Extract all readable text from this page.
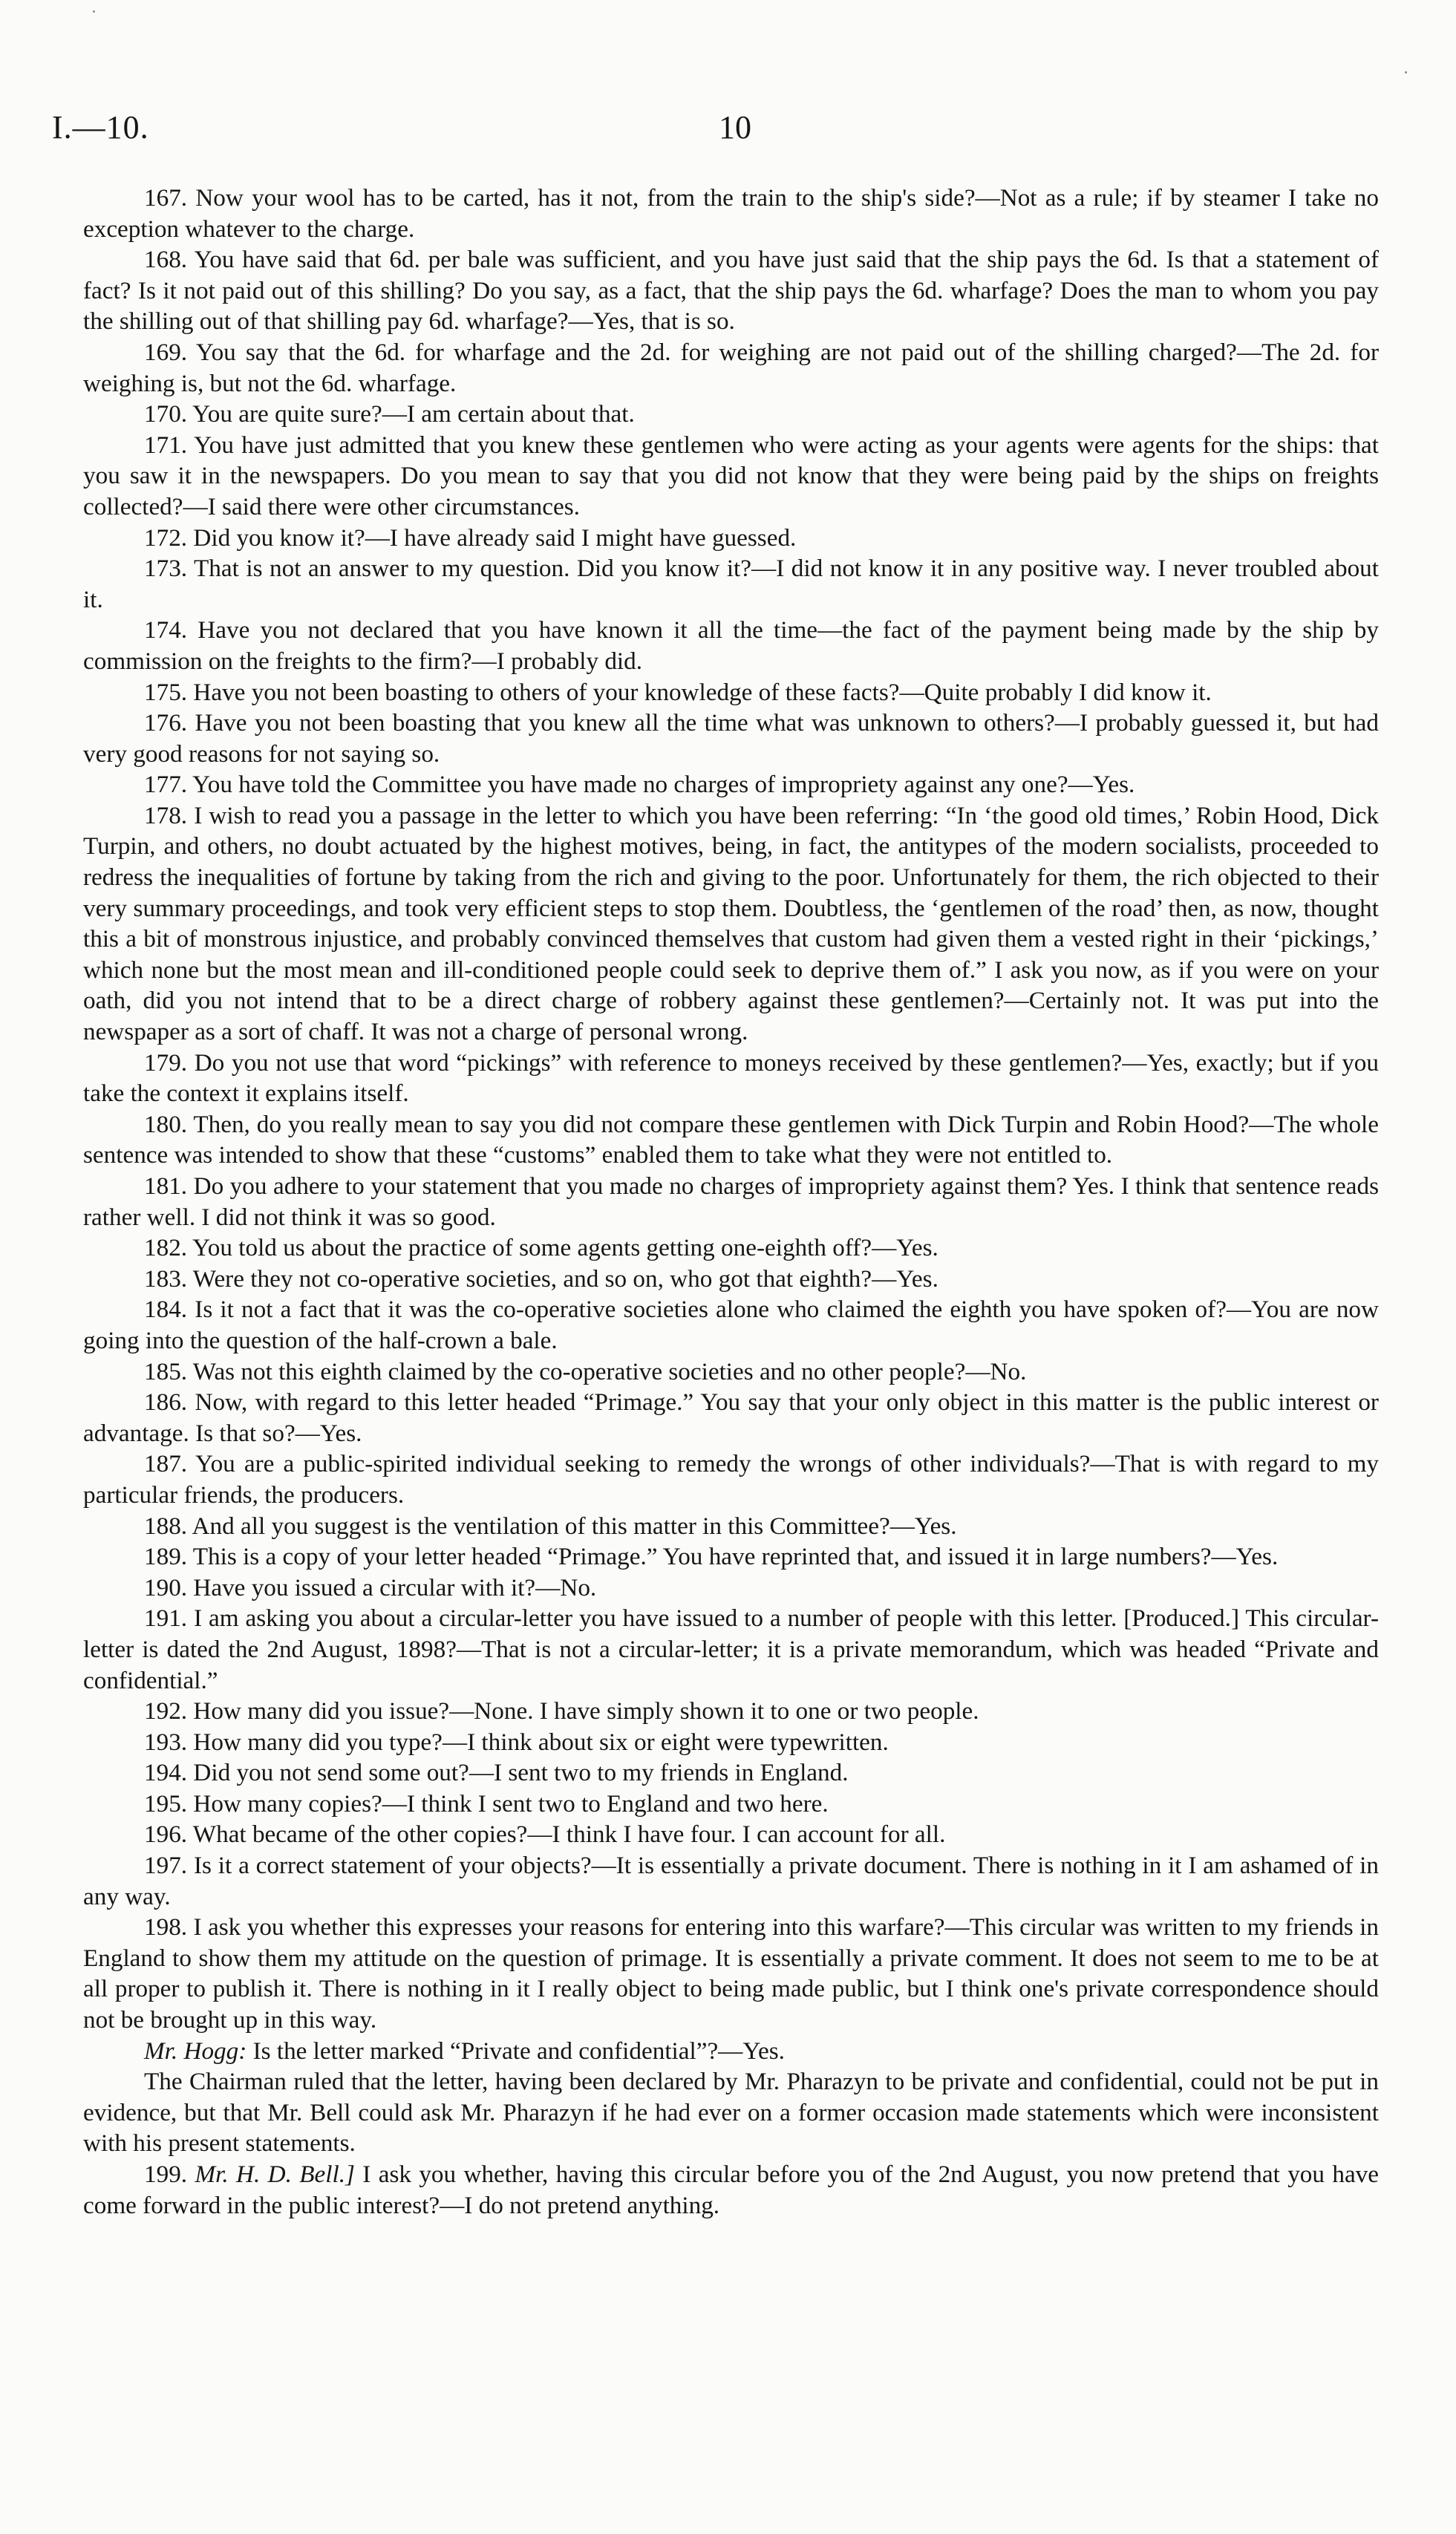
I.—10.	10

167. Now your wool has to be carted, has it not, from the train to the ship's side?—Not as a rule; if by steamer I take no exception whatever to the charge.

168. You have said that 6d. per bale was sufficient, and you have just said that the ship pays the 6d. Is that a statement of fact? Is it not paid out of this shilling? Do you say, as a fact, that the ship pays the 6d. wharfage? Does the man to whom you pay the shilling out of that shilling pay 6d. wharfage?—Yes, that is so.

169. You say that the 6d. for wharfage and the 2d. for weighing are not paid out of the shilling charged?—The 2d. for weighing is, but not the 6d. wharfage.

170. You are quite sure?—I am certain about that.

171. You have just admitted that you knew these gentlemen who were acting as your agents were agents for the ships: that you saw it in the newspapers. Do you mean to say that you did not know that they were being paid by the ships on freights collected?—I said there were other circumstances.

172. Did you know it?—I have already said I might have guessed.

173. That is not an answer to my question. Did you know it?—I did not know it in any positive way. I never troubled about it.

174. Have you not declared that you have known it all the time—the fact of the payment being made by the ship by commission on the freights to the firm?—I probably did.

175. Have you not been boasting to others of your knowledge of these facts?—Quite probably I did know it.

176. Have you not been boasting that you knew all the time what was unknown to others?—I probably guessed it, but had very good reasons for not saying so.

177. You have told the Committee you have made no charges of impropriety against any one?—Yes.

178. I wish to read you a passage in the letter to which you have been referring: “In ‘the good old times,’ Robin Hood, Dick Turpin, and others, no doubt actuated by the highest motives, being, in fact, the antitypes of the modern socialists, proceeded to redress the inequalities of fortune by taking from the rich and giving to the poor. Unfortunately for them, the rich objected to their very summary proceedings, and took very efficient steps to stop them. Doubtless, the ‘gentlemen of the road’ then, as now, thought this a bit of monstrous injustice, and probably convinced themselves that custom had given them a vested right in their ‘pickings,’ which none but the most mean and ill-conditioned people could seek to deprive them of.” I ask you now, as if you were on your oath, did you not intend that to be a direct charge of robbery against these gentlemen?—Certainly not. It was put into the newspaper as a sort of chaff. It was not a charge of personal wrong.

179. Do you not use that word “pickings” with reference to moneys received by these gentlemen?—Yes, exactly; but if you take the context it explains itself.

180. Then, do you really mean to say you did not compare these gentlemen with Dick Turpin and Robin Hood?—The whole sentence was intended to show that these “customs” enabled them to take what they were not entitled to.

181. Do you adhere to your statement that you made no charges of impropriety against them? Yes. I think that sentence reads rather well. I did not think it was so good.

182. You told us about the practice of some agents getting one-eighth off?—Yes.

183. Were they not co-operative societies, and so on, who got that eighth?—Yes.

184. Is it not a fact that it was the co-operative societies alone who claimed the eighth you have spoken of?—You are now going into the question of the half-crown a bale.

185. Was not this eighth claimed by the co-operative societies and no other people?—No.

186. Now, with regard to this letter headed “Primage.” You say that your only object in this matter is the public interest or advantage. Is that so?—Yes.

187. You are a public-spirited individual seeking to remedy the wrongs of other individuals?—That is with regard to my particular friends, the producers.

188. And all you suggest is the ventilation of this matter in this Committee?—Yes.

189. This is a copy of your letter headed “Primage.” You have reprinted that, and issued it in large numbers?—Yes.

190. Have you issued a circular with it?—No.

191. I am asking you about a circular-letter you have issued to a number of people with this letter. [Produced.] This circular-letter is dated the 2nd August, 1898?—That is not a circular-letter; it is a private memorandum, which was headed “Private and confidential.”

192. How many did you issue?—None. I have simply shown it to one or two people.

193. How many did you type?—I think about six or eight were typewritten.

194. Did you not send some out?—I sent two to my friends in England.

195. How many copies?—I think I sent two to England and two here.

196. What became of the other copies?—I think I have four. I can account for all.

197. Is it a correct statement of your objects?—It is essentially a private document. There is nothing in it I am ashamed of in any way.

198. I ask you whether this expresses your reasons for entering into this warfare?—This circular was written to my friends in England to show them my attitude on the question of primage. It is essentially a private comment. It does not seem to me to be at all proper to publish it. There is nothing in it I really object to being made public, but I think one's private correspondence should not be brought up in this way.

Mr. Hogg: Is the letter marked “Private and confidential”?—Yes.

The Chairman ruled that the letter, having been declared by Mr. Pharazyn to be private and confidential, could not be put in evidence, but that Mr. Bell could ask Mr. Pharazyn if he had ever on a former occasion made statements which were inconsistent with his present statements.

199. Mr. H. D. Bell.] I ask you whether, having this circular before you of the 2nd August, you now pretend that you have come forward in the public interest?—I do not pretend anything.
